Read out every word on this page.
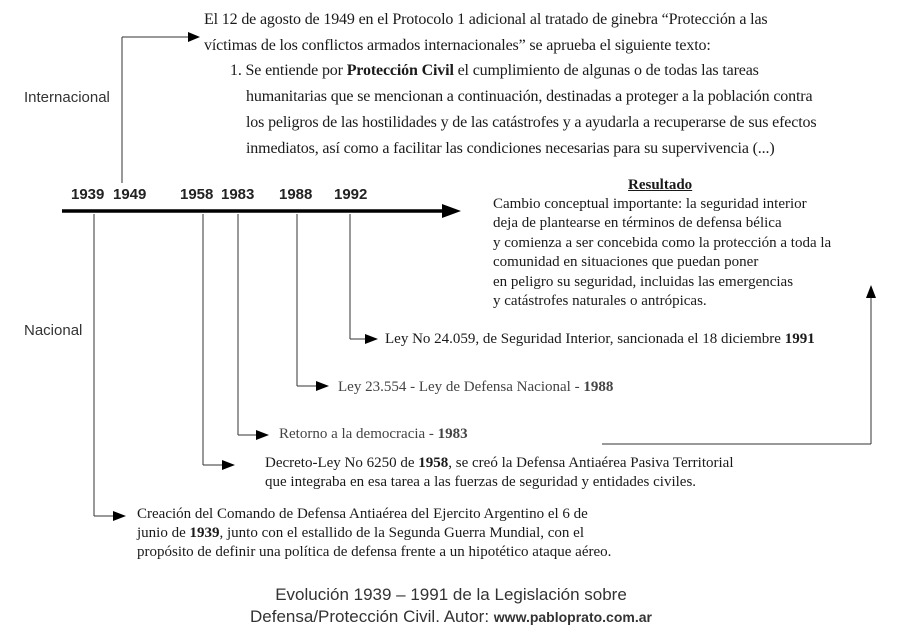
Internacional
Nacional
1939 1949 1958 1983 1988 1992
El 12 de agosto de 1949 en el Protocolo 1 adicional al tratado de ginebra “Protección a las
víctimas de los conflictos armados internacionales” se aprueba el siguiente texto:
1. Se entiende por Protección Civil el cumplimiento de algunas o de todas las tareas
humanitarias que se mencionan a continuación, destinadas a proteger a la población contra
los peligros de las hostilidades y de las catástrofes y a ayudarla a recuperarse de sus efectos
inmediatos, así como a facilitar las condiciones necesarias para su supervivencia (...)
Resultado
Cambio conceptual importante: la seguridad interior
deja de plantearse en términos de defensa bélica
y comienza a ser concebida como la protección a toda la
comunidad en situaciones que puedan poner
en peligro su seguridad, incluidas las emergencias
y catástrofes naturales o antrópicas.
Ley No 24.059, de Seguridad Interior, sancionada el 18 diciembre 1991
Ley 23.554 - Ley de Defensa Nacional - 1988
Retorno a la democracia - 1983
Decreto-Ley No 6250 de 1958, se creó la Defensa Antiaérea Pasiva Territorial
que integraba en esa tarea a las fuerzas de seguridad y entidades civiles.
Creación del Comando de Defensa Antiaérea del Ejercito Argentino el 6 de
junio de 1939, junto con el estallido de la Segunda Guerra Mundial, con el
propósito de definir una política de defensa frente a un hipotético ataque aéreo.
Evolución 1939 – 1991 de la Legislación sobre
Defensa/Protección Civil. Autor: www.pabloprato.com.ar
